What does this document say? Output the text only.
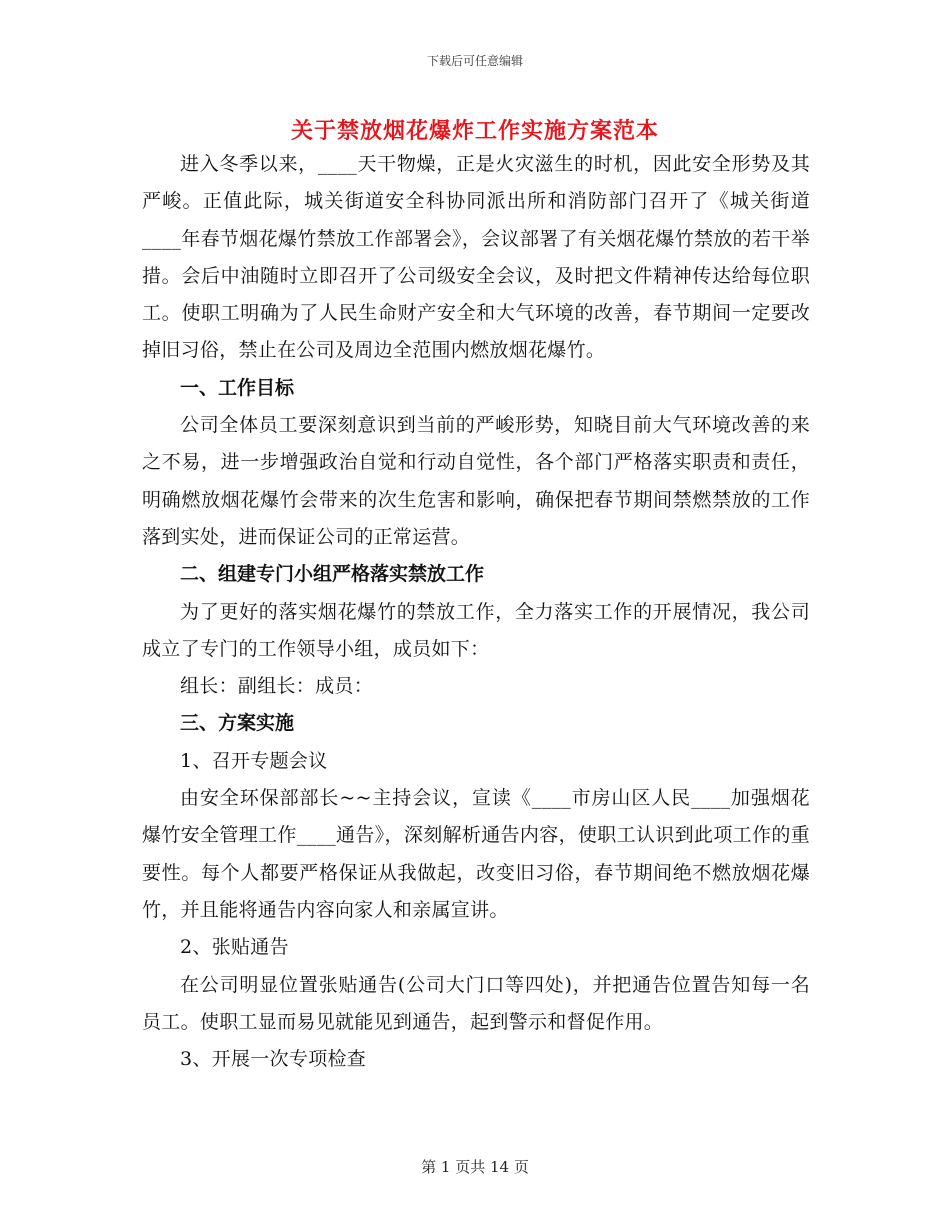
下载后可任意编辑
关于禁放烟花爆炸工作实施方案范本

进入冬季以来，____天干物燥，正是火灾滋生的时机，因此安全形势及其严峻。正值此际，城关街道安全科协同派出所和消防部门召开了《城关街道____年春节烟花爆竹禁放工作部署会》，会议部署了有关烟花爆竹禁放的若干举措。会后中油随时立即召开了公司级安全会议，及时把文件精神传达给每位职工。使职工明确为了人民生命财产安全和大气环境的改善，春节期间一定要改掉旧习俗，禁止在公司及周边全范围内燃放烟花爆竹。

一、工作目标

公司全体员工要深刻意识到当前的严峻形势，知晓目前大气环境改善的来之不易，进一步增强政治自觉和行动自觉性，各个部门严格落实职责和责任，明确燃放烟花爆竹会带来的次生危害和影响，确保把春节期间禁燃禁放的工作落到实处，进而保证公司的正常运营。

二、组建专门小组严格落实禁放工作

为了更好的落实烟花爆竹的禁放工作，全力落实工作的开展情况，我公司成立了专门的工作领导小组，成员如下：

组长：副组长：成员：

三、方案实施

1、召开专题会议

由安全环保部部长~~主持会议，宣读《____市房山区人民____加强烟花爆竹安全管理工作____通告》，深刻解析通告内容，使职工认识到此项工作的重要性。每个人都要严格保证从我做起，改变旧习俗，春节期间绝不燃放烟花爆竹，并且能将通告内容向家人和亲属宣讲。

2、张贴通告

在公司明显位置张贴通告(公司大门口等四处)，并把通告位置告知每一名员工。使职工显而易见就能见到通告，起到警示和督促作用。

3、开展一次专项检查

第 1 页共 14 页
